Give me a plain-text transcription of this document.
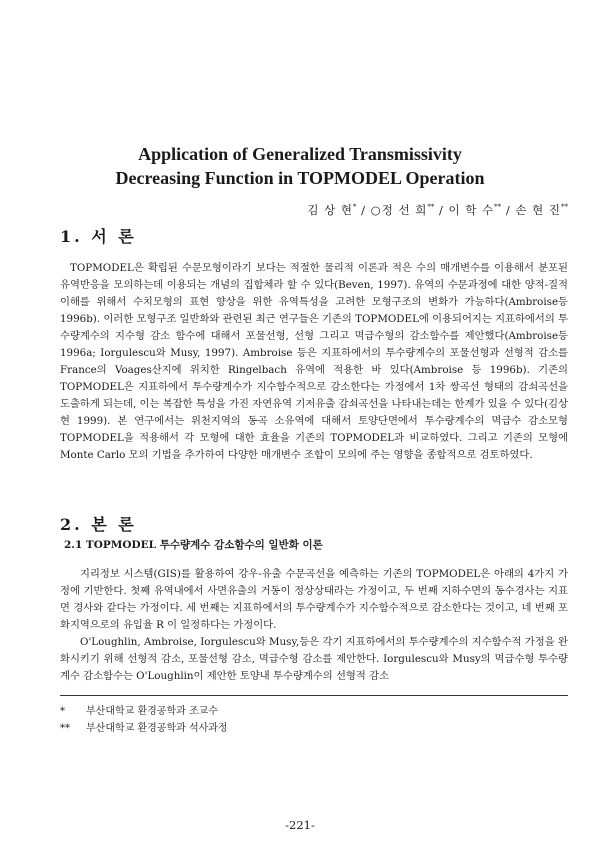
Application of Generalized Transmissivity
Decreasing Function in TOPMODEL Operation
김 상 현* / ○정 선 희** / 이 학 수** / 손 현 진**
1. 서 론

TOPMODEL은 확립된 수문모형이라기 보다는 적절한 물리적 이론과 적은 수의 매개변수를 이용해서 분포된 유역반응을 모의하는데 이용되는 개념의 집합체라 할 수 있다(Beven, 1997). 유역의 수문과정에 대한 양적-질적 이해를 위해서 수치모형의 표현 향상을 위한 유역특성을 고려한 모형구조의 변화가 가능하다(Ambroise등 1996b). 이러한 모형구조 일반화와 관련된 최근 연구들은 기존의 TOPMODEL에 이용되어지는 지표하에서의 투수량계수의 지수형 감소 함수에 대해서 포물선형, 선형 그리고 멱급수형의 감소함수를 제안했다(Ambroise등 1996a; Iorgulescu와 Musy, 1997). Ambroise 등은 지표하에서의 투수량계수의 포물선형과 선형적 감소를 France의 Voages산지에 위치한 Ringelbach 유역에 적용한 바 있다(Ambroise 등 1996b). 기존의 TOPMODEL은 지표하에서 투수량계수가 지수함수적으로 감소한다는 가정에서 1차 쌍곡선 형태의 감쇠곡선을 도출하게 되는데, 이는 복잡한 특성을 가진 자연유역 기저유출 감쇠곡선을 나타내는데는 한계가 있을 수 있다(김상현 1999). 본 연구에서는 위천지역의 동곡 소유역에 대해서 토양단면에서 투수량계수의 멱급수 감소모형 TOPMODEL을 적용해서 각 모형에 대한 효율을 기존의 TOPMODEL과 비교하였다. 그리고 기존의 모형에 Monte Carlo 모의 기법을 추가하여 다양한 매개변수 조합이 모의에 주는 영향을 종합적으로 검토하였다.

2. 본 론
2.1 TOPMODEL 투수량계수 감소함수의 일반화 이론

지리정보 시스템(GIS)를 활용하여 강우-유출 수문곡선을 예측하는 기존의 TOPMODEL은 아래의 4가지 가정에 기반한다. 첫째 유역내에서 사면유출의 거동이 정상상태라는 가정이고, 두 번째 지하수면의 동수경사는 지표면 경사와 같다는 가정이다. 세 번째는 지표하에서의 투수량계수가 지수함수적으로 감소한다는 것이고, 네 번째 포화지역으로의 유입율 R 이 일정하다는 가정이다.

O'Loughlin, Ambroise, Iorgulescu와 Musy,등은 각기 지표하에서의 투수량계수의 지수함수적 가정을 완화시키기 위해 선형적 감소, 포물선형 감소, 멱급수형 감소를 제안한다. Iorgulescu와 Musy의 멱급수형 투수량계수 감소함수는 O'Loughlin이 제안한 토양내 투수량계수의 선형적 감소

* 부산대학교 환경공학과 조교수
** 부산대학교 환경공학과 석사과정
-221-
